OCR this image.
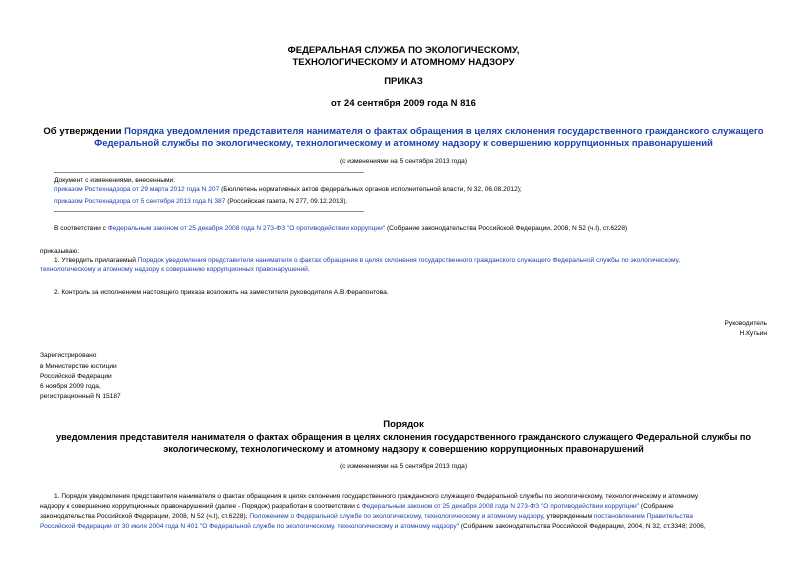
ФЕДЕРАЛЬНАЯ СЛУЖБА ПО ЭКОЛОГИЧЕСКОМУ,
ТЕХНОЛОГИЧЕСКОМУ И АТОМНОМУ НАДЗОРУ
ПРИКАЗ
от 24 сентября 2009 года N 816
Об утверждении Порядка уведомления представителя нанимателя о фактах обращения в целях склонения государственного гражданского служащего
Федеральной службы по экологическому, технологическому и атомному надзору к совершению коррупционных правонарушений
(с изменениями на 5 сентября 2013 года)
Документ с изменениями, внесенными:
приказом Ростехнадзора от 29 марта 2012 года N 207 (Бюллетень нормативных актов федеральных органов исполнительной власти, N 32, 06.08.2012);
приказом Ростехнадзора от 5 сентября 2013 года N 387 (Российская газета, N 277, 09.12.2013).
В соответствии с Федеральным законом от 25 декабря 2008 года N 273-ФЗ "О противодействии коррупции" (Собрание законодательства Российской Федерации, 2008, N 52 (ч.I), ст.6228)
приказываю:
1. Утвердить прилагаемый Порядок уведомления представителя нанимателя о фактах обращения в целях склонения государственного гражданского служащего Федеральной службы по экологическому,
технологическому и атомному надзору к совершению коррупционных правонарушений.
2. Контроль за исполнением настоящего приказа возложить на заместителя руководителя А.В.Ферапонтова.
Руководитель
Н.Кутьин
Зарегистрировано
в Министерстве юстиции
Российской Федерации
6 ноября 2009 года,
регистрационный N 15187
Порядок
уведомления представителя нанимателя о фактах обращения в целях склонения государственного гражданского служащего Федеральной службы по
экологическому, технологическому и атомному надзору к совершению коррупционных правонарушений
(с изменениями на 5 сентября 2013 года)
1. Порядок уведомления представителя нанимателя о фактах обращения в целях склонения государственного гражданского служащего Федеральной службы по экологическому, технологическому и атомному
надзору к совершению коррупционных правонарушений (далее - Порядок) разработан в соответствии с Федеральным законом от 25 декабря 2008 года N 273-ФЗ "О противодействии коррупции" (Собрание
законодательства Российской Федерации, 2008, N 52 (ч.I), ст.6228), Положением о Федеральной службе по экологическому, технологическому и атомному надзору, утвержденным постановлением Правительства
Российской Федерации от 30 июля 2004 года N 401 "О Федеральной службе по экологическому, технологическому и атомному надзору" (Собрание законодательства Российской Федерации, 2004, N 32, ст.3348; 2006,
